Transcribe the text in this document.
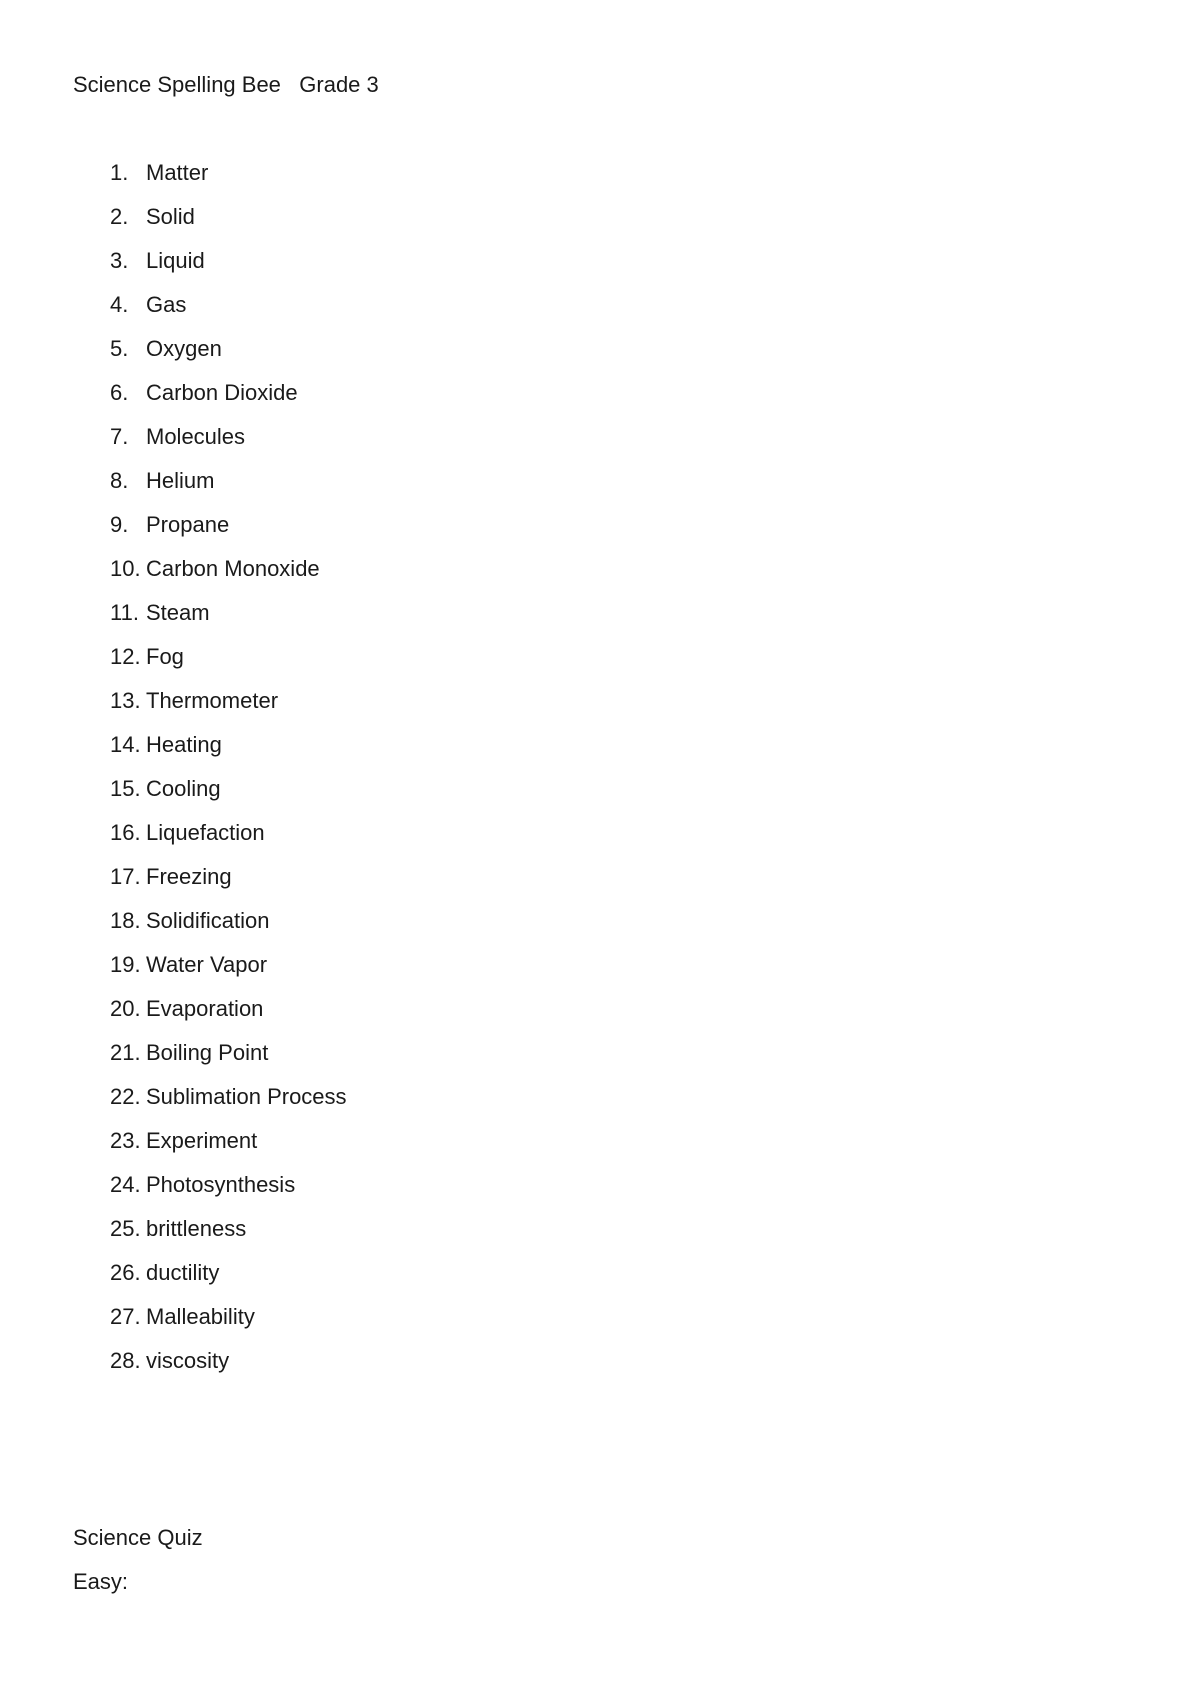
Science Spelling Bee Grade 3
1. Matter
2. Solid
3. Liquid
4. Gas
5. Oxygen
6. Carbon Dioxide
7. Molecules
8. Helium
9. Propane
10. Carbon Monoxide
11. Steam
12. Fog
13. Thermometer
14. Heating
15. Cooling
16. Liquefaction
17. Freezing
18. Solidification
19. Water Vapor
20. Evaporation
21. Boiling Point
22. Sublimation Process
23. Experiment
24. Photosynthesis
25. brittleness
26. ductility
27. Malleability
28. viscosity
Science Quiz
Easy:
